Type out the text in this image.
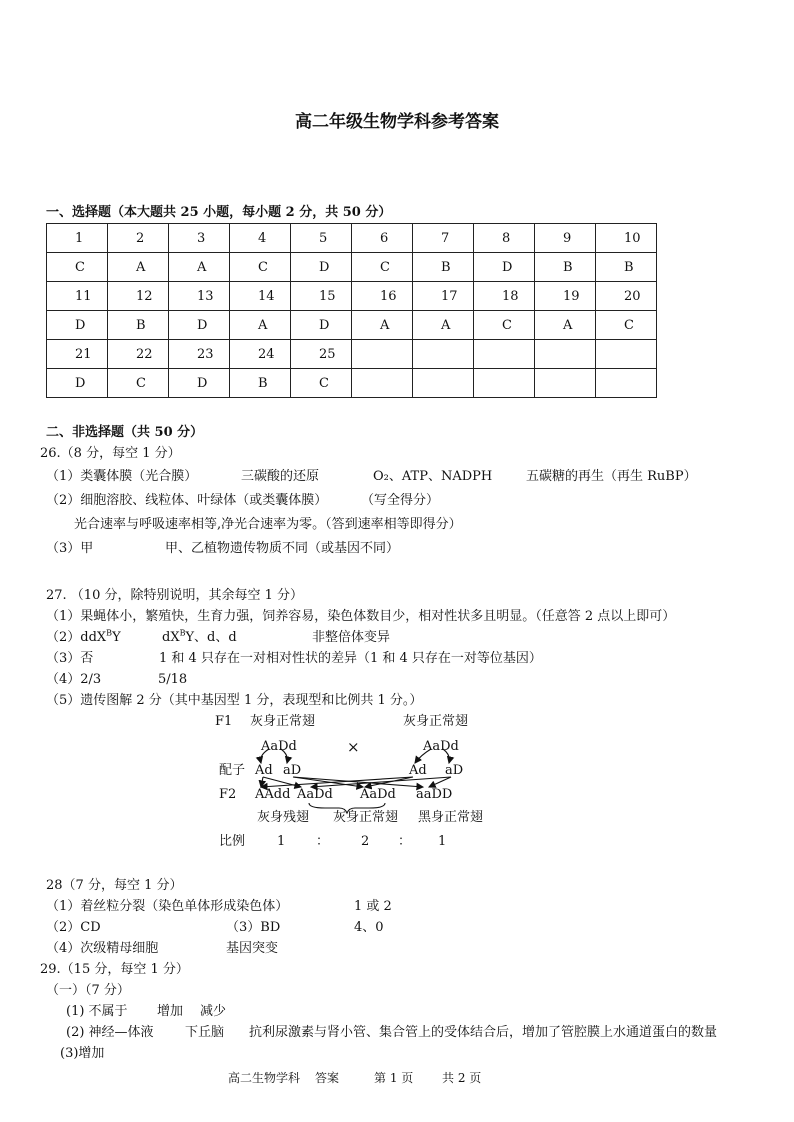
高二年级生物学科参考答案
一、选择题（本大题共 25 小题，每小题 2 分，共 50 分）
1	2	3	4	5	6	7	8	9	10
C	A	A	C	D	C	B	D	B	B
11	12	13	14	15	16	17	18	19	20
D	B	D	A	D	A	A	C	A	C
21	22	23	24	25					
D	C	D	B	C					
二、非选择题（共 50 分）
26.（8 分，每空 1 分）
（1）类囊体膜（光合膜）	三碳酸的还原	O₂、ATP、NADPH	五碳糖的再生（再生 RuBP）
（2）细胞溶胶、线粒体、叶绿体（或类囊体膜）	（写全得分）
光合速率与呼吸速率相等,净光合速率为零。（答到速率相等即得分）
（3）甲	甲、乙植物遗传物质不同（或基因不同）
27. （10 分，除特别说明，其余每空 1 分）
（1）果蝇体小，繁殖快，生育力强，饲养容易，染色体数目少，相对性状多且明显。（任意答 2 点以上即可）
（2）ddX$^B$Y	$dX^BY$、d、d	非整倍体变异
（3）否	1 和 4 只存在一对相对性状的差异（1 和 4 只存在一对等位基因）
（4）2/3	5/18
（5）遗传图解 2 分（其中基因型 1 分，表现型和比例共 1 分。）
F1 灰身正常翅	灰身正常翅
AaDd	×	AaDd
配子 Ad aD	Ad aD
F2 AAdd AaDd AaDd aaDD
灰身残翅 灰身正常翅 黑身正常翅
比例 1 ： 2 ： 1
28（7 分，每空 1 分）
（1）着丝粒分裂（染色单体形成染色体）	1 或 2
（2）CD	（3）BD	4、0
（4）次级精母细胞	基因突变
29.（15 分，每空 1 分）
（一）（7 分）
(1) 不属于 增加 减少
(2) 神经—体液 下丘脑 抗利尿激素与肾小管、集合管上的受体结合后，增加了管腔膜上水通道蛋白的数量
(3)增加
高二生物学科 答案	第 1 页 共 2 页
